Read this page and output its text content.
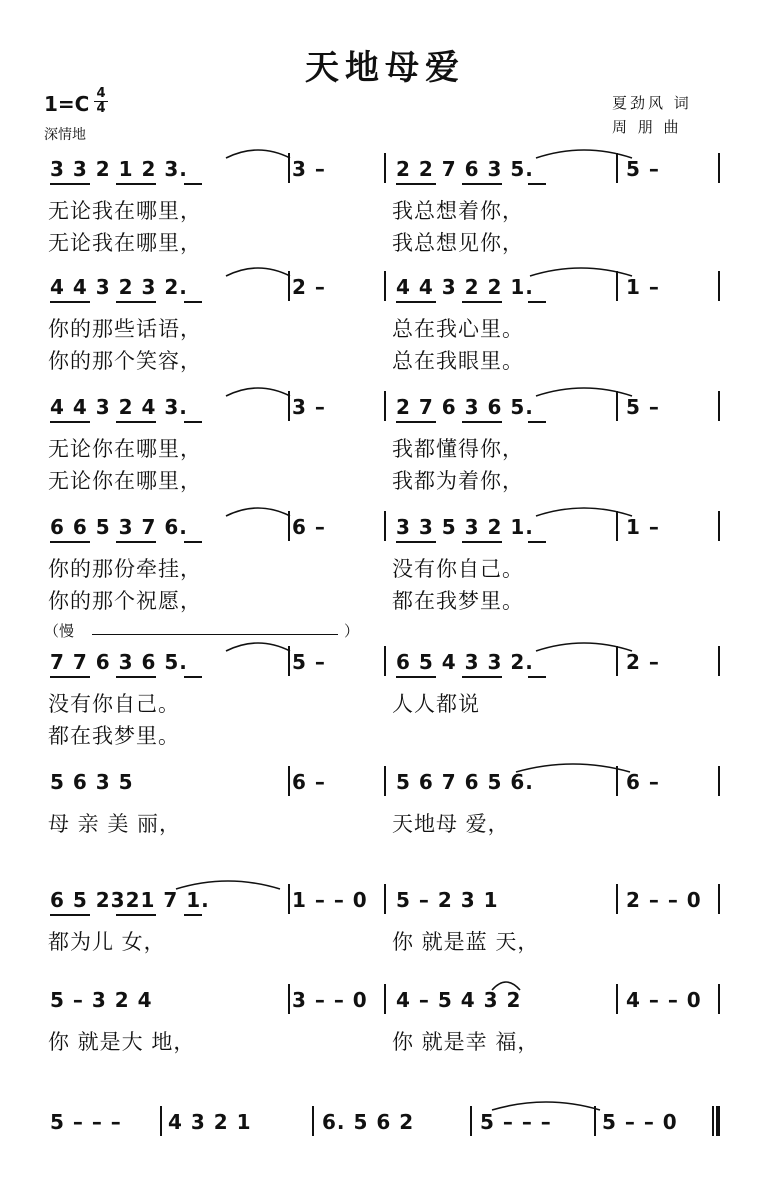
天地母爱
1=C 4
4
深情地
夏劲风 词
周 朋 曲
3 3 2 1 2 3.	3 –	2 2 7 6 3 5.	5 –
无论我在哪里，	我总想着你，
无论我在哪里，	我总想见你，
4 4 3 2 3 2.	2 –	4 4 3 2 2 1.	1 –
你的那些话语，	总在我心里。
你的那个笑容，	总在我眼里。
4 4 3 2 4 3.	3 –	2 7 6 3 6 5.	5 –
无论你在哪里，	我都懂得你，
无论你在哪里，	我都为着你，
6 6 5 3 7 6.	6 –	3 3 5 3 2 1.	1 –
你的那份牵挂，	没有你自己。
你的那个祝愿，	都在我梦里。
7 7 6 3 6 5.	5 –	6 5 4 3 3 2.	2 –
没有你自己。	人人都说
都在我梦里。
5 6 3 5	6 –	5 6 7 6 5 6.	6 –
母 亲 美 丽，	天地母 爱，
6 5 2321 7 1.	1 – – 0 5 – 2 3 1	2 – – 0
都为儿 女，	你 就是蓝 天，
5 – 3 2 4	3 – – 0 4 – 5 4 3 2	4 – – 0
你 就是大 地，	你 就是幸 福，
5 – – – 4 3 2 1	6. 5 6 2	5 – – –	5 – – 0
（慢	）
